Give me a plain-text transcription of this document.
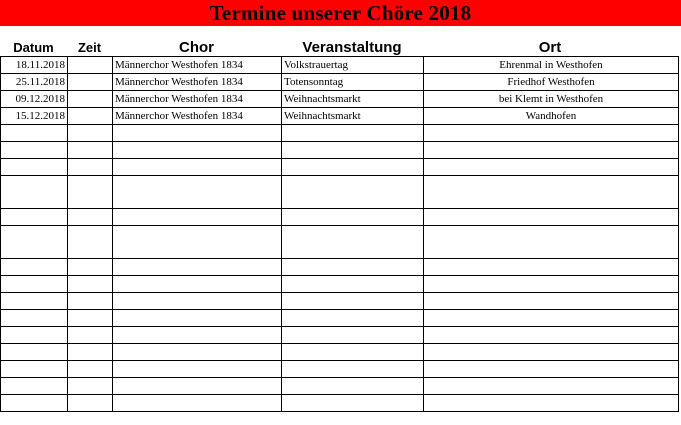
Termine unserer Chöre 2018
Datum	Zeit	Chor	Veranstaltung	Ort
18.11.2018		Männerchor Westhofen 1834	Volkstrauertag	Ehrenmal in Westhofen
25.11.2018		Männerchor Westhofen 1834	Totensonntag	Friedhof Westhofen
09.12.2018		Männerchor Westhofen 1834	Weihnachtsmarkt	bei Klemt in Westhofen
15.12.2018		Männerchor Westhofen 1834	Weihnachtsmarkt	Wandhofen
